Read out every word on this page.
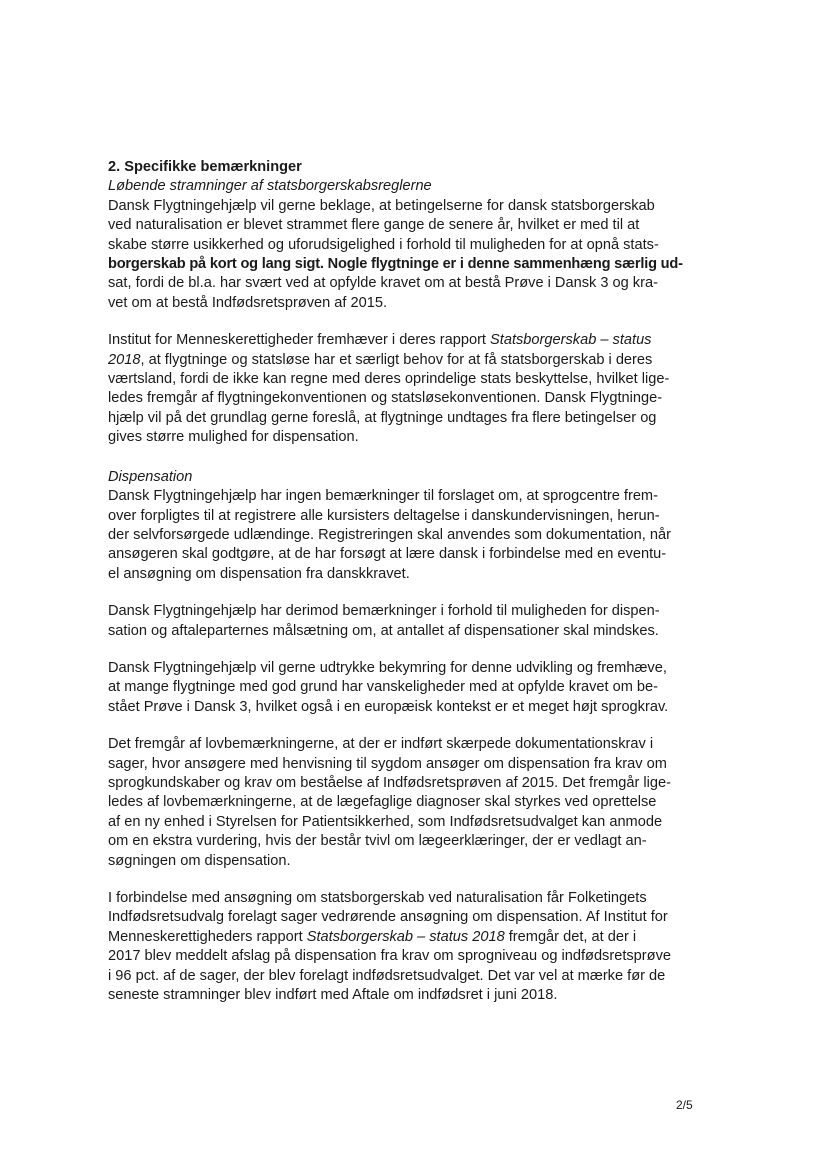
2. Specifikke bemærkninger

Løbende stramninger af statsborgerskabsreglerne

Dansk Flygtningehjælp vil gerne beklage, at betingelserne for dansk statsborgerskab
ved naturalisation er blevet strammet flere gange de senere år, hvilket er med til at
skabe større usikkerhed og uforudsigelighed i forhold til muligheden for at opnå stats-
borgerskab på kort og lang sigt. Nogle flygtninge er i denne sammenhæng særlig ud-
sat, fordi de bl.a. har svært ved at opfylde kravet om at bestå Prøve i Dansk 3 og kra-
vet om at bestå Indfødsretsprøven af 2015.

Institut for Menneskerettigheder fremhæver i deres rapport Statsborgerskab – status
2018, at flygtninge og statsløse har et særligt behov for at få statsborgerskab i deres
værtsland, fordi de ikke kan regne med deres oprindelige stats beskyttelse, hvilket lige-
ledes fremgår af flygtningekonventionen og statsløsekonventionen. Dansk Flygtninge-
hjælp vil på det grundlag gerne foreslå, at flygtninge undtages fra flere betingelser og
gives større mulighed for dispensation.

Dispensation

Dansk Flygtningehjælp har ingen bemærkninger til forslaget om, at sprogcentre frem-
over forpligtes til at registrere alle kursisters deltagelse i danskundervisningen, herun-
der selvforsørgede udlændinge. Registreringen skal anvendes som dokumentation, når
ansøgeren skal godtgøre, at de har forsøgt at lære dansk i forbindelse med en eventu-
el ansøgning om dispensation fra danskkravet.

Dansk Flygtningehjælp har derimod bemærkninger i forhold til muligheden for dispen-
sation og aftaleparternes målsætning om, at antallet af dispensationer skal mindskes.

Dansk Flygtningehjælp vil gerne udtrykke bekymring for denne udvikling og fremhæve,
at mange flygtninge med god grund har vanskeligheder med at opfylde kravet om be-
stået Prøve i Dansk 3, hvilket også i en europæisk kontekst er et meget højt sprogkrav.

Det fremgår af lovbemærkningerne, at der er indført skærpede dokumentationskrav i
sager, hvor ansøgere med henvisning til sygdom ansøger om dispensation fra krav om
sprogkundskaber og krav om beståelse af Indfødsretsprøven af 2015. Det fremgår lige-
ledes af lovbemærkningerne, at de lægefaglige diagnoser skal styrkes ved oprettelse
af en ny enhed i Styrelsen for Patientsikkerhed, som Indfødsretsudvalget kan anmode
om en ekstra vurdering, hvis der består tvivl om lægeerklæringer, der er vedlagt an-
søgningen om dispensation.

I forbindelse med ansøgning om statsborgerskab ved naturalisation får Folketingets
Indfødsretsudvalg forelagt sager vedrørende ansøgning om dispensation. Af Institut for
Menneskerettigheders rapport Statsborgerskab – status 2018 fremgår det, at der i
2017 blev meddelt afslag på dispensation fra krav om sprogniveau og indfødsretsprøve
i 96 pct. af de sager, der blev forelagt indfødsretsudvalget. Det var vel at mærke før de
seneste stramninger blev indført med Aftale om indfødsret i juni 2018.

2/5
